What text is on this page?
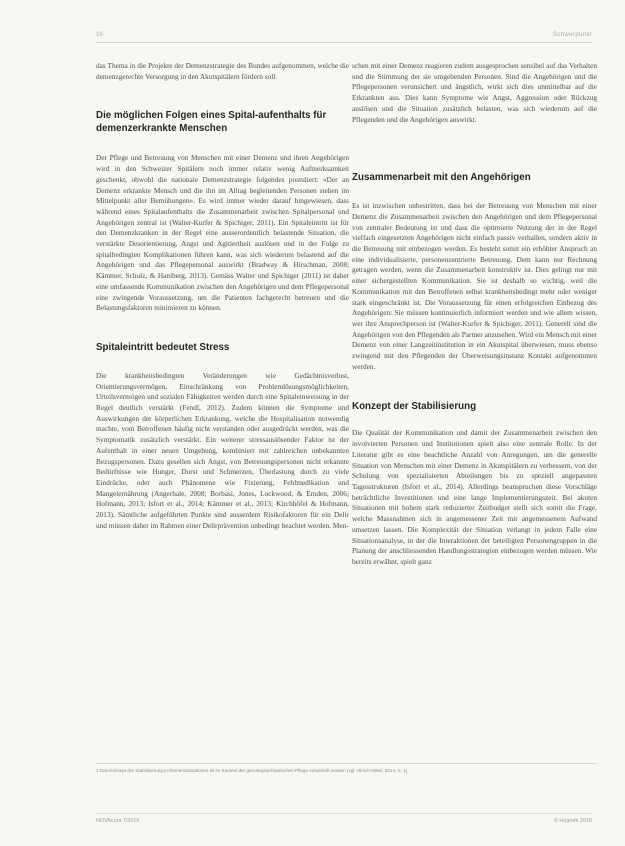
16	Schwerpunkt

das Thema in die Projekte der Demenzstrategie des Bundes aufgenommen, welche die demenzgerechte Versorgung in den Akutspitälern fördern soll.

Die möglichen Folgen eines Spital-aufenthalts für demenzerkrankte Menschen

Der Pflege und Betreuung von Menschen mit einer Demenz und ihren Angehörigen wird in den Schweizer Spitälern noch immer relativ wenig Aufmerksamkeit geschenkt, obwohl die nationale Demenzstrategie folgendes postuliert: «Der an Demenz erkrankte Mensch und die ihn im Alltag begleitenden Personen stehen im Mittelpunkt aller Bemühungen». Es wird immer wieder darauf hingewiesen, dass während eines Spitalaufenthalts die Zusammenarbeit zwischen Spitalpersonal und Angehörigen zentral ist (Walter-Kurfer & Spichiger, 2011). Ein Spitaleintritt ist für den Demenzkranken in der Regel eine ausserordentlich belastende Situation, die verstärkte Desorientierung, Angst und Agitiertheit auslösen und in der Folge zu spitalbedingten Komplikationen führen kann, was sich wiederum belastend auf die Angehörigen und das Pflegepersonal auswirkt (Bradway & Hirschman, 2008; Kämmer, Schulz, & Haniberg, 2013). Gemäss Walter und Spichiger (2011) ist daher eine umfassende Kommunikation zwischen den Angehörigen und dem Pflegepersonal eine zwingende Voraussetzung, um die Patienten fachgerecht betreuen und die Belastungsfaktoren minimieren zu können.

Spitaleintritt bedeutet Stress

Die krankheitsbedingten Veränderungen wie Gedächtnisverlust, Orientierungsvermögen, Einschränkung von Problemlösungsmöglichkeiten, Urteilsvermögen und sozialen Fähigkeiten werden durch eine Spitaleinweisung in der Regel deutlich verstärkt (Fendl, 2012). Zudem können die Symptome und Auswirkungen der körperlichen Erkrankung, welche die Hospitalisation notwendig machte, vom Betroffenen häufig nicht verstanden oder ausgedrückt werden, was die Symptomatik zusätzlich verstärkt. Ein weiterer stressauslösender Faktor ist der Aufenthalt in einer neuen Umgebung, kombiniert mit zahlreichen unbekannten Bezugspersonen. Dazu gesellen sich Angst, von Betreuungspersonen nicht erkannte Bedürfnisse wie Hunger, Durst und Schmerzen, Überlastung durch zu viele Eindrücke, oder auch Phänomene wie Fixierung, Fehlmedikation und Mangelernährung (Angerhale, 2008; Borbasi, Jones, Lockwood, & Emden, 2006; Hofmann, 2013; Isfort et al., 2014; Kämmer et al., 2013; Kirchhöfel & Hofmann, 2013). Sämtliche aufgeführten Punkte sind ausserdem Risikofaktoren für ein Delir und müssen daher im Rahmen einer Delirprävention unbedingt beachtet werden. Men-

schen mit einer Demenz reagieren zudem ausgesprochen sensibel auf das Verhalten und die Stimmung der sie umgebenden Personen. Sind die Angehörigen und die Pflegepersonen verunsichert und ängstlich, wirkt sich dies unmittelbar auf die Erkrankten aus. Dies kann Symptome wie Angst, Aggression oder Rückzug auslösen und die Situation zusätzlich belasten, was sich wiederum auf die Pflegenden und die Angehörigen auswirkt.

Zusammenarbeit mit den Angehörigen

Es ist inzwischen unbestritten, dass bei der Betreuung von Menschen mit einer Demenz die Zusammenarbeit zwischen den Angehörigen und dem Pflegepersonal von zentraler Bedeutung ist und dass die optimierte Nutzung der in der Regel vielfach eingesetzten Angehörigen nicht einfach passiv verhallen, sondern aktiv in die Betreuung mit einbezogen werden. Es besteht somit ein erhöhter Anspruch an eine individualisierte, personenzentrierte Betreuung. Dem kann nur Rechnung getragen werden, wenn die Zusammenarbeit konstruktiv ist. Dies gelingt nur mit einer sichergestellten Kommunikation. Sie ist deshalb so wichtig, weil die Kommunikation mit den Betroffenen selbst krankheitsbedingt mehr oder weniger stark eingeschränkt ist. Die Voraussetzung für einen erfolgreichen Einbezug des Angehörigen: Sie müssen kontinuierlich informiert werden und wie allem wissen, wer ihre Ansprechperson ist (Walter-Kurfer & Spichiger, 2011). Generell sind die Angehörigen von den Pflegenden als Partner anzusehen. Wird ein Mensch mit einer Demenz von einer Langzeitinstitution in ein Akutspital überwiesen, muss ebenso zwingend mit den Pflegenden der Überweisungsinstanz Kontakt aufgenommen werden.

Konzept der Stabilisierung

Die Qualität der Kommunikation und damit der Zusammenarbeit zwischen den involvierten Personen und Institutionen spielt also eine zentrale Rolle. In der Literatur gibt es eine beachtliche Anzahl von Anregungen, um die generelle Situation von Menschen mit einer Demenz in Akutspitälern zu verbessern, von der Schulung von spezialisierten Abteilungen bis zu speziell angepassten Tagesstrukturen (Isfort et al., 2014). Allerdings beanspruchen diese Vorschläge beträchtliche Investitionen und eine lange Implementierungszeit. Bei akuten Situationen mit hohem stark reduzierter Zeitbudget stellt sich somit die Frage, welche Massnahmen sich in angemessener Zeit mit angemessenem Aufwand umsetzen lassen. Die Komplexität der Situation verlangt in jedem Falle eine Situationsanalyse, in der die Interaktionen der beteiligten Personengruppen in die Planung der anschliessenden Handlungsstrategien einbezogen werden müssen. Wie bereits erwähnt, spielt ganz

1 Das Konzept der Stabilisierung in Demenzsituationen ist im Kontext der gerontopsychiatrischen Pflege entwickelt worden (vgl. Hirsch-Nötel, 2014, S. 1).
NOVAcura 7/2016	© Hogrefe 2016
